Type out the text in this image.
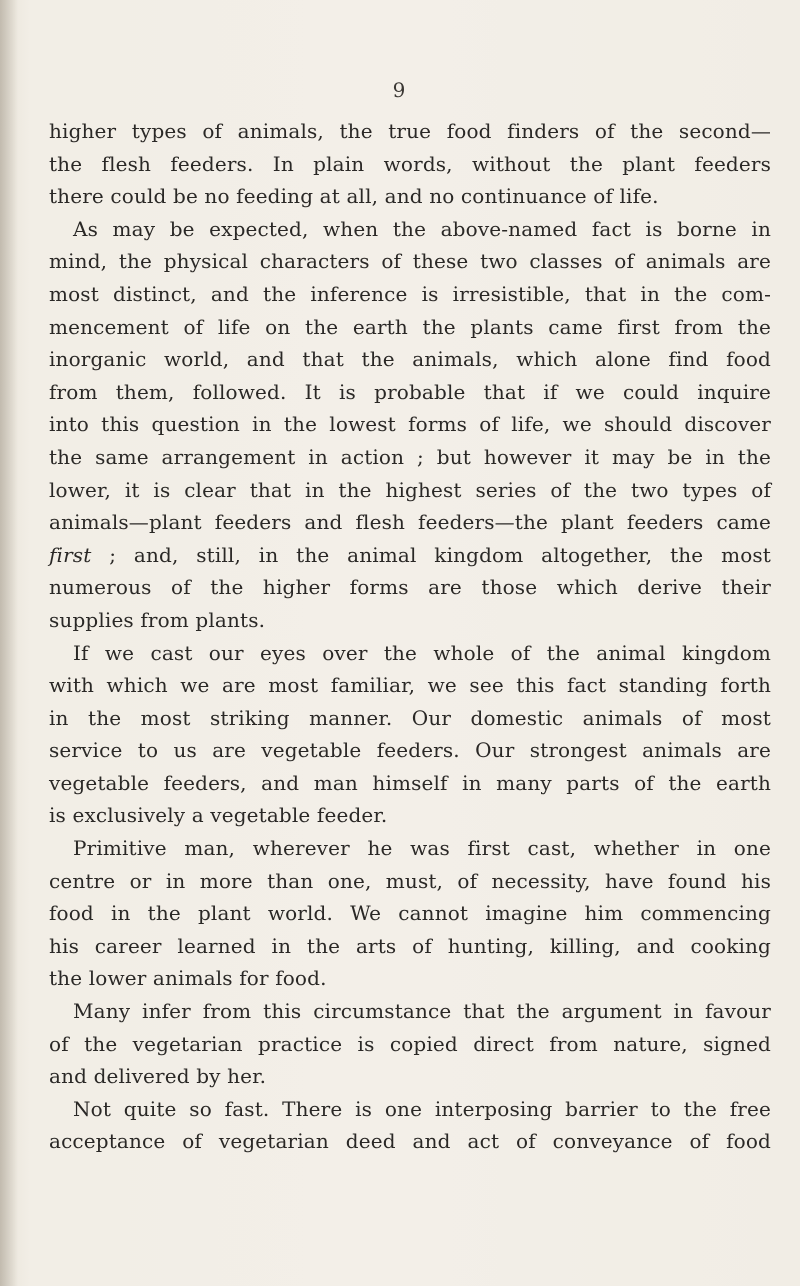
9
higher types of animals, the true food finders of the second—
the flesh feeders. In plain words, without the plant feeders
there could be no feeding at all, and no continuance of life.
As may be expected, when the above-named fact is borne in
mind, the physical characters of these two classes of animals are
most distinct, and the inference is irresistible, that in the com-
mencement of life on the earth the plants came first from the
inorganic world, and that the animals, which alone find food
from them, followed. It is probable that if we could inquire
into this question in the lowest forms of life, we should discover
the same arrangement in action ; but however it may be in the
lower, it is clear that in the highest series of the two types of
animals—plant feeders and flesh feeders—the plant feeders came
first ; and, still, in the animal kingdom altogether, the most
numerous of the higher forms are those which derive their
supplies from plants.
If we cast our eyes over the whole of the animal kingdom
with which we are most familiar, we see this fact standing forth
in the most striking manner. Our domestic animals of most
service to us are vegetable feeders. Our strongest animals are
vegetable feeders, and man himself in many parts of the earth
is exclusively a vegetable feeder.
Primitive man, wherever he was first cast, whether in one
centre or in more than one, must, of necessity, have found his
food in the plant world. We cannot imagine him commencing
his career learned in the arts of hunting, killing, and cooking
the lower animals for food.
Many infer from this circumstance that the argument in favour
of the vegetarian practice is copied direct from nature, signed
and delivered by her.
Not quite so fast. There is one interposing barrier to the free
acceptance of vegetarian deed and act of conveyance of food
